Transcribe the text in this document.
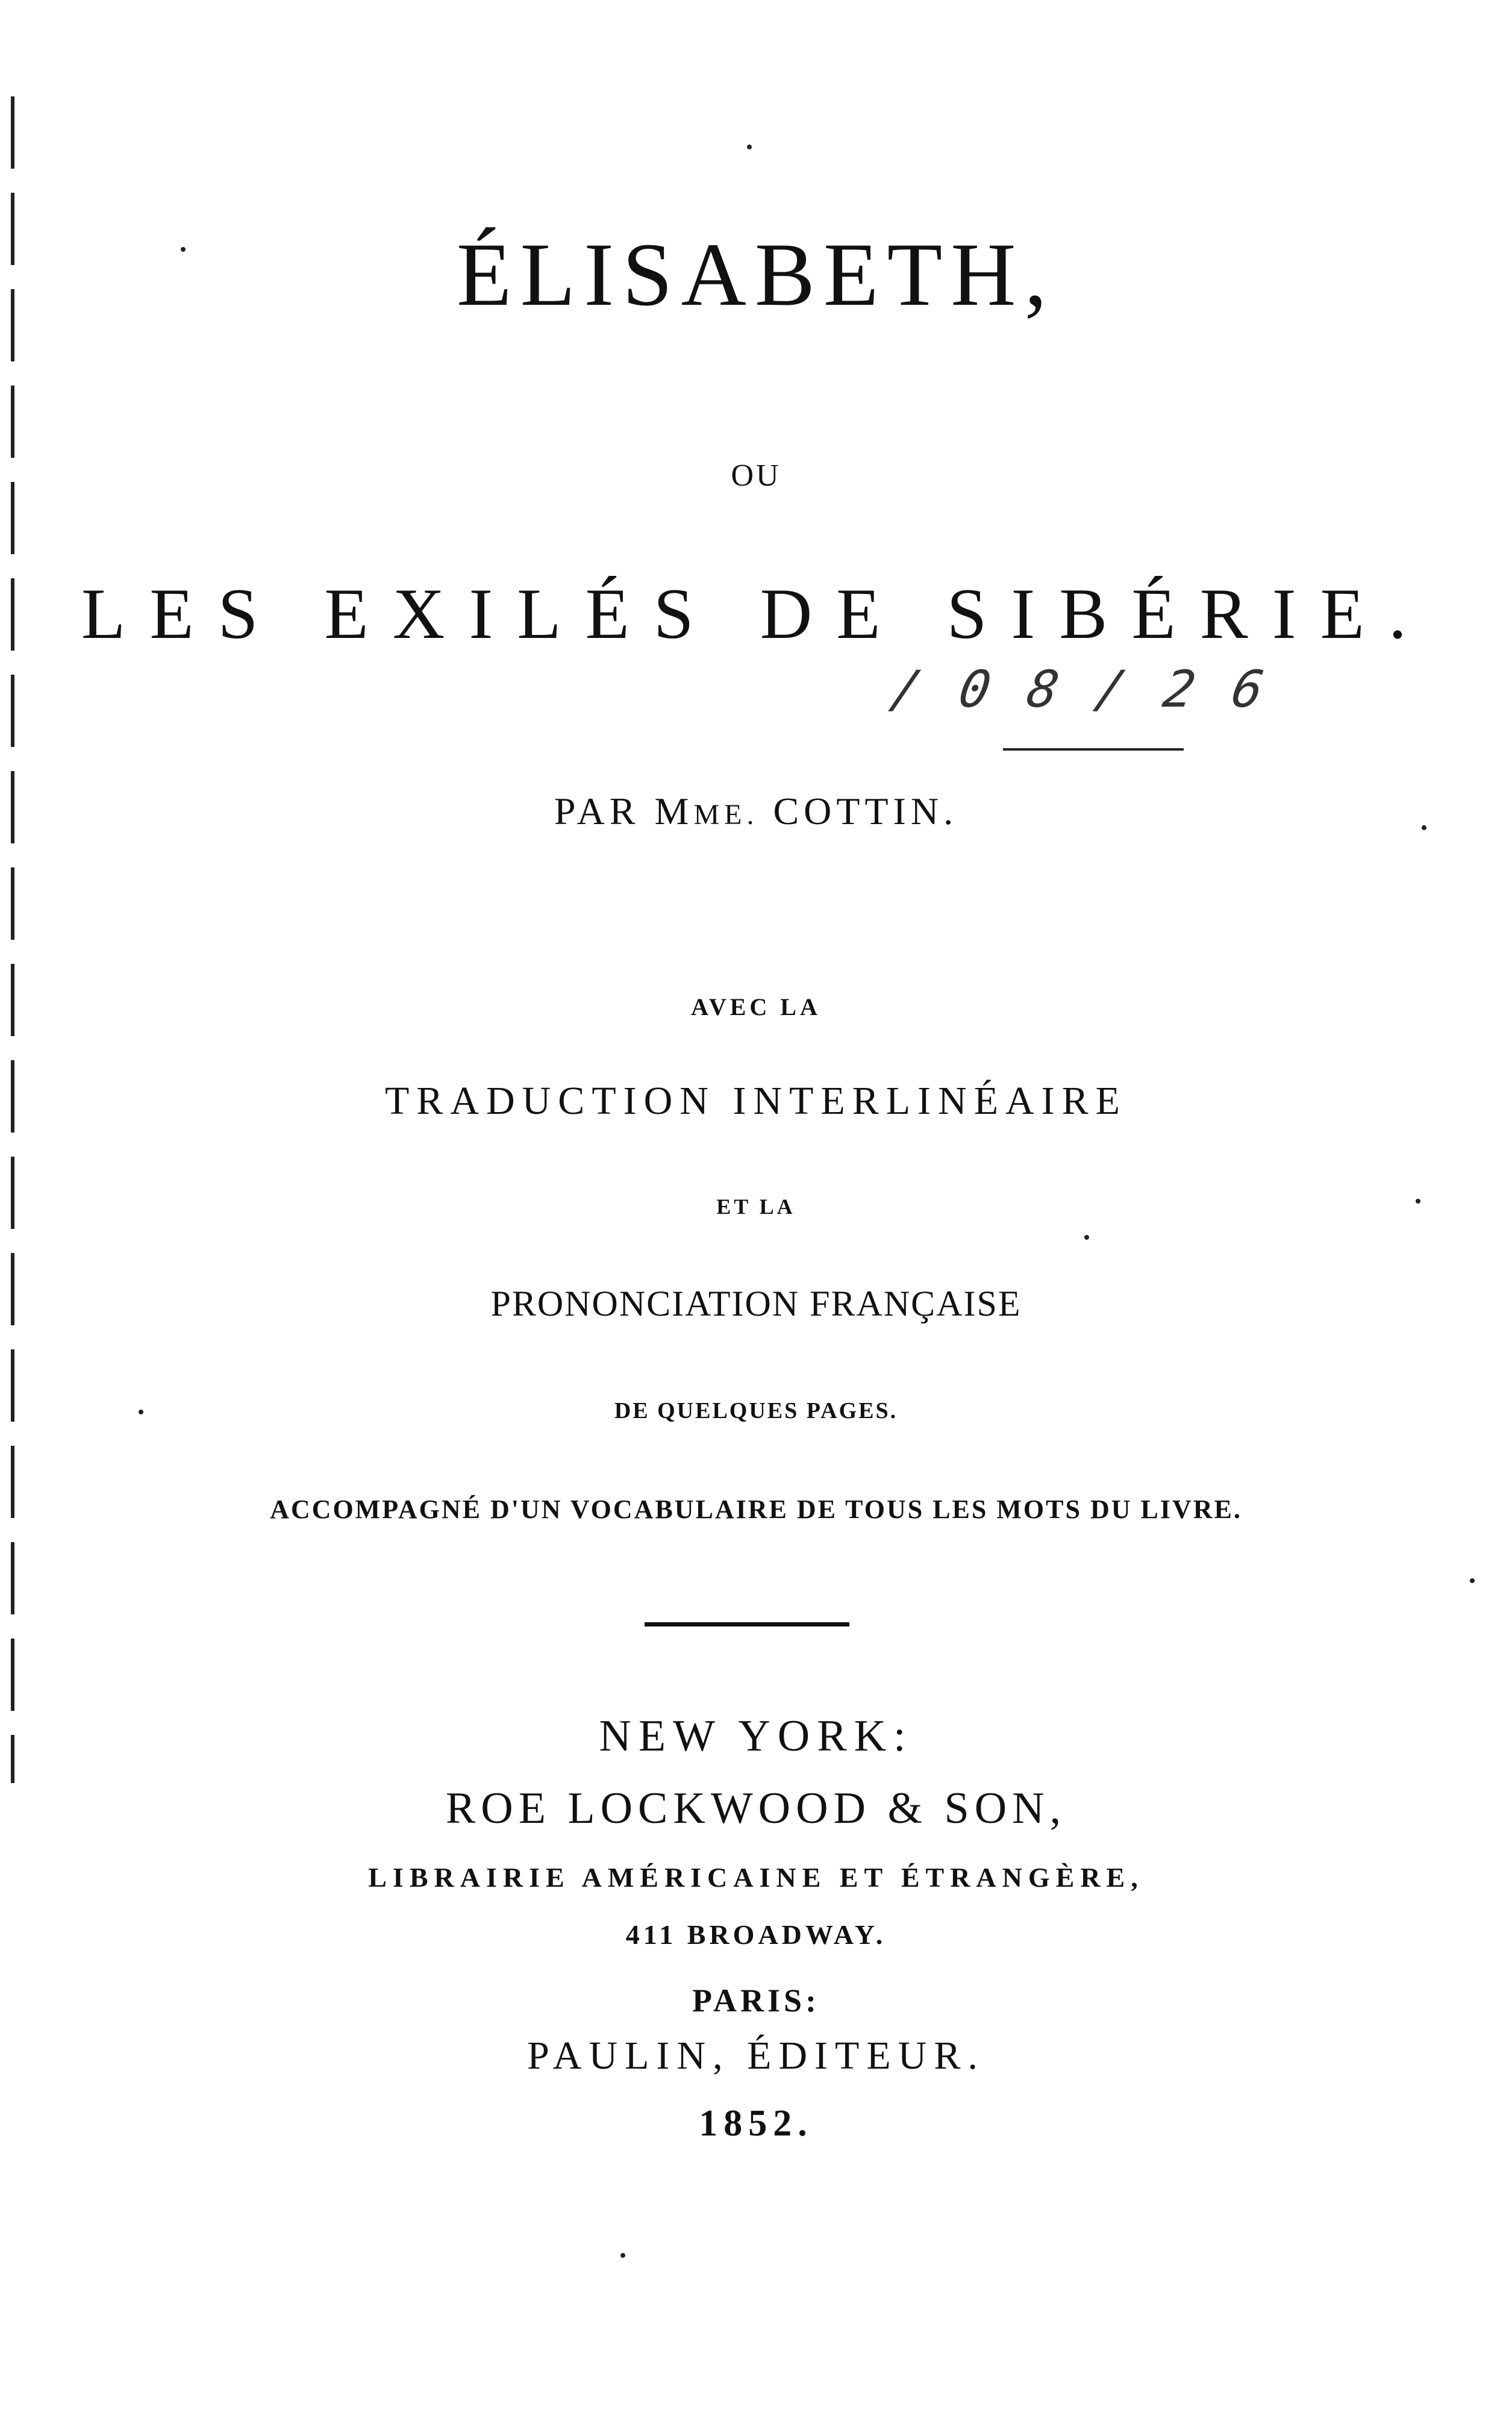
ÉLISABETH,
OU
LES EXILÉS DE SIBÉRIE.
/ 0 8 / 2 6
PAR MME. COTTIN.
AVEC LA
TRADUCTION INTERLINÉAIRE
ET LA
PRONONCIATION FRANÇAISE
DE QUELQUES PAGES.
ACCOMPAGNÉ D'UN VOCABULAIRE DE TOUS LES MOTS DU LIVRE.
NEW YORK:
ROE LOCKWOOD & SON,
LIBRAIRIE AMÉRICAINE ET ÉTRANGÈRE,
411 BROADWAY.
PARIS:
PAULIN, ÉDITEUR.
1852.
